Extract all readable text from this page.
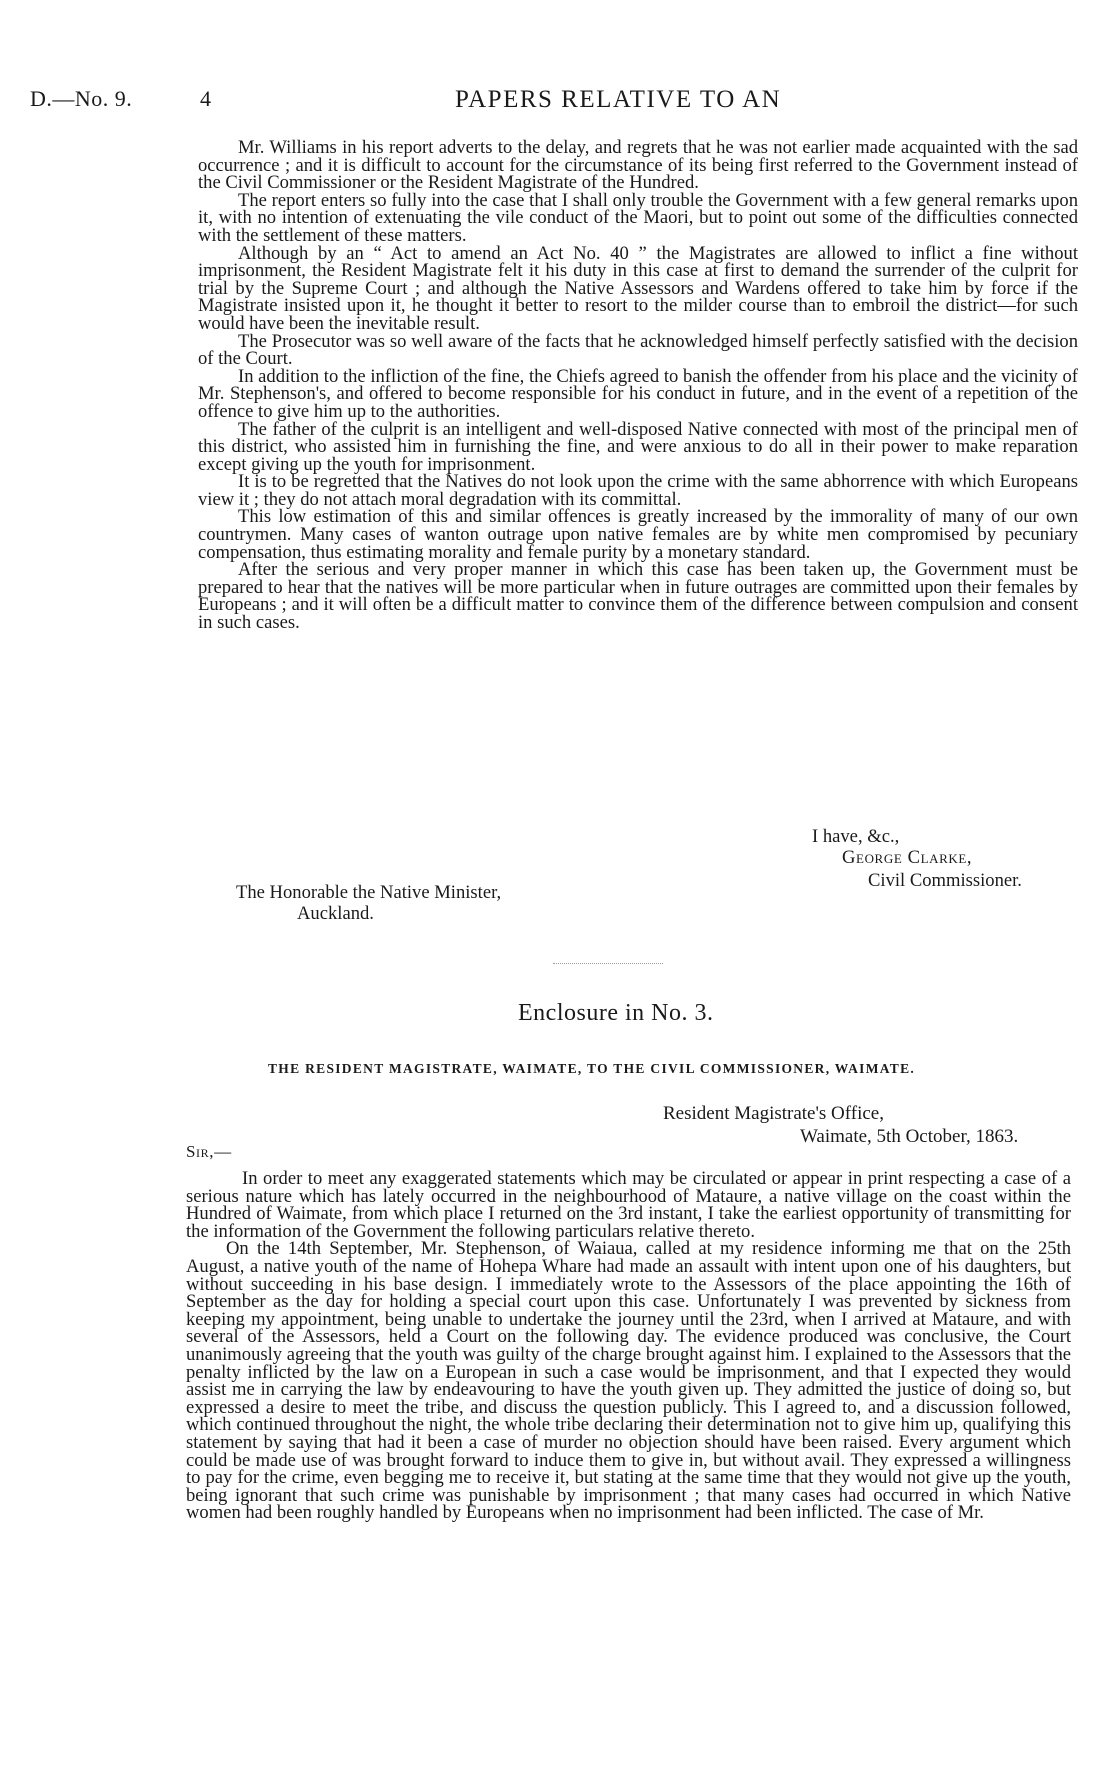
D.—No. 9.	4	PAPERS RELATIVE TO AN

Mr. Williams in his report adverts to the delay, and regrets that he was not earlier made acquainted with the sad occurrence ; and it is difficult to account for the circumstance of its being first referred to the Government instead of the Civil Commissioner or the Resident Magistrate of the Hundred.

The report enters so fully into the case that I shall only trouble the Government with a few general remarks upon it, with no intention of extenuating the vile conduct of the Maori, but to point out some of the difficulties connected with the settlement of these matters.

Although by an “ Act to amend an Act No. 40 ” the Magistrates are allowed to inflict a fine without imprisonment, the Resident Magistrate felt it his duty in this case at first to demand the surrender of the culprit for trial by the Supreme Court ; and although the Native Assessors and Wardens offered to take him by force if the Magistrate insisted upon it, he thought it better to resort to the milder course than to embroil the district—for such would have been the inevitable result.

The Prosecutor was so well aware of the facts that he acknowledged himself perfectly satisfied with the decision of the Court.

In addition to the infliction of the fine, the Chiefs agreed to banish the offender from his place and the vicinity of Mr. Stephenson's, and offered to become responsible for his conduct in future, and in the event of a repetition of the offence to give him up to the authorities.

The father of the culprit is an intelligent and well-disposed Native connected with most of the principal men of this district, who assisted him in furnishing the fine, and were anxious to do all in their power to make reparation except giving up the youth for imprisonment.

It is to be regretted that the Natives do not look upon the crime with the same abhorrence with which Europeans view it ; they do not attach moral degradation with its committal.

This low estimation of this and similar offences is greatly increased by the immorality of many of our own countrymen. Many cases of wanton outrage upon native females are by white men compromised by pecuniary compensation, thus estimating morality and female purity by a monetary standard.

After the serious and very proper manner in which this case has been taken up, the Government must be prepared to hear that the natives will be more particular when in future outrages are committed upon their females by Europeans ; and it will often be a difficult matter to convince them of the difference between compulsion and consent in such cases.

I have, &c.,
George Clarke,
Civil Commissioner.
The Honorable the Native Minister,
Auckland.
Enclosure in No. 3.
THE RESIDENT MAGISTRATE, WAIMATE, TO THE CIVIL COMMISSIONER, WAIMATE.
Resident Magistrate's Office,
Waimate, 5th October, 1863.
Sir,—

In order to meet any exaggerated statements which may be circulated or appear in print respecting a case of a serious nature which has lately occurred in the neighbourhood of Mataure, a native village on the coast within the Hundred of Waimate, from which place I returned on the 3rd instant, I take the earliest opportunity of transmitting for the information of the Government the following particulars relative thereto.

On the 14th September, Mr. Stephenson, of Waiaua, called at my residence informing me that on the 25th August, a native youth of the name of Hohepa Whare had made an assault with intent upon one of his daughters, but without succeeding in his base design. I immediately wrote to the Assessors of the place appointing the 16th of September as the day for holding a special court upon this case. Unfortunately I was prevented by sickness from keeping my appointment, being unable to undertake the journey until the 23rd, when I arrived at Mataure, and with several of the Assessors, held a Court on the following day. The evidence produced was conclusive, the Court unanimously agreeing that the youth was guilty of the charge brought against him. I explained to the Assessors that the penalty inflicted by the law on a European in such a case would be imprisonment, and that I expected they would assist me in carrying the law by endeavouring to have the youth given up. They admitted the justice of doing so, but expressed a desire to meet the tribe, and discuss the question publicly. This I agreed to, and a discussion followed, which continued throughout the night, the whole tribe declaring their determination not to give him up, qualifying this statement by saying that had it been a case of murder no objection should have been raised. Every argument which could be made use of was brought forward to induce them to give in, but without avail. They expressed a willingness to pay for the crime, even begging me to receive it, but stating at the same time that they would not give up the youth, being ignorant that such crime was punishable by imprisonment ; that many cases had occurred in which Native women had been roughly handled by Europeans when no imprisonment had been inflicted. The case of Mr.
